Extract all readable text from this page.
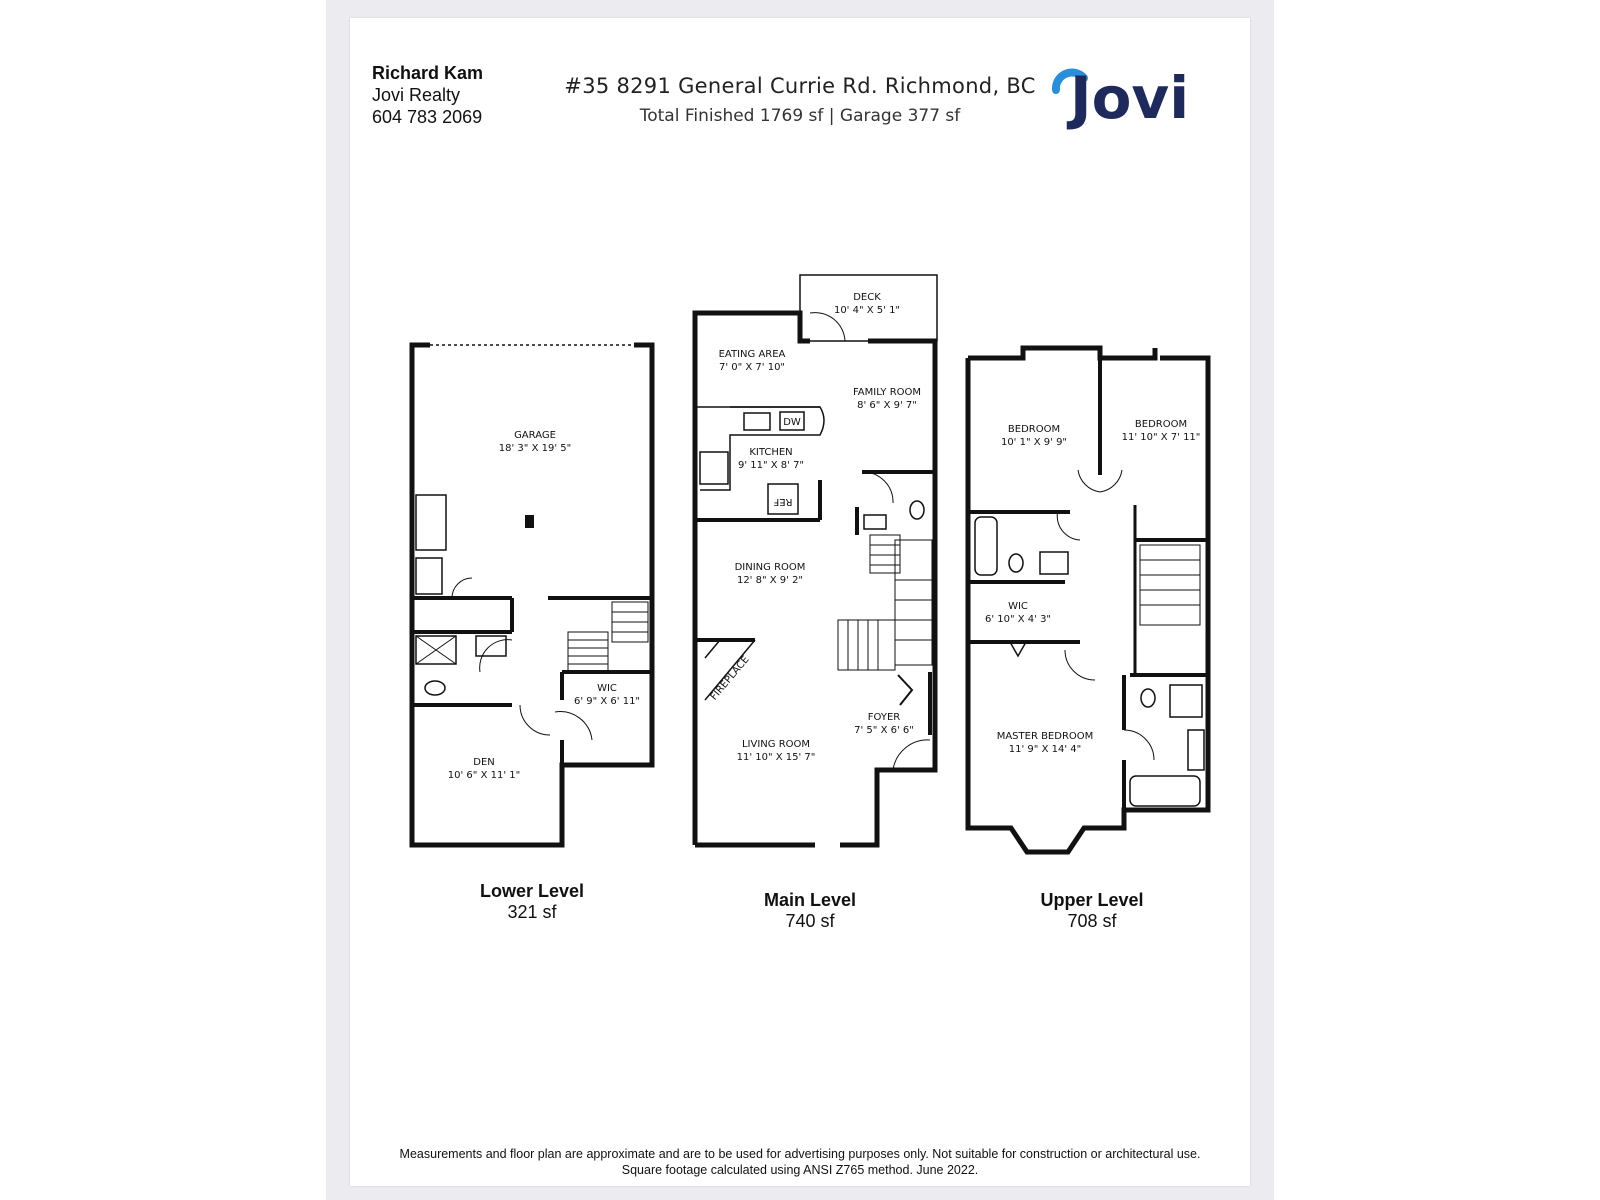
Richard Kam
Jovi Realty
604 783 2069
#35 8291 General Currie Rd. Richmond, BC
Total Finished 1769 sf | Garage 377 sf	Jovi
GARAGE
18' 3" X 19' 5"
WIC
6' 9" X 6' 11"
DEN
10' 6" X 11' 1"
DECK
10' 4" X 5' 1"
EATING AREA
7' 0" X 7' 10"
FAMILY ROOM
8' 6" X 9' 7"
DW
KITCHEN
9' 11" X 8' 7"
REF
DINING ROOM
12' 8" X 9' 2"
FIREPLACE
FOYER
7' 5" X 6' 6"
LIVING ROOM
11' 10" X 15' 7"
BEDROOM
10' 1" X 9' 9"
BEDROOM
11' 10" X 7' 11"
WIC
6' 10" X 4' 3"
MASTER BEDROOM
11' 9" X 14' 4"
Lower Level
321 sf
Main Level
740 sf
Upper Level
708 sf
Measurements and floor plan are approximate and are to be used for advertising purposes only. Not suitable for construction or architectural use.
Square footage calculated using ANSI Z765 method. June 2022.
